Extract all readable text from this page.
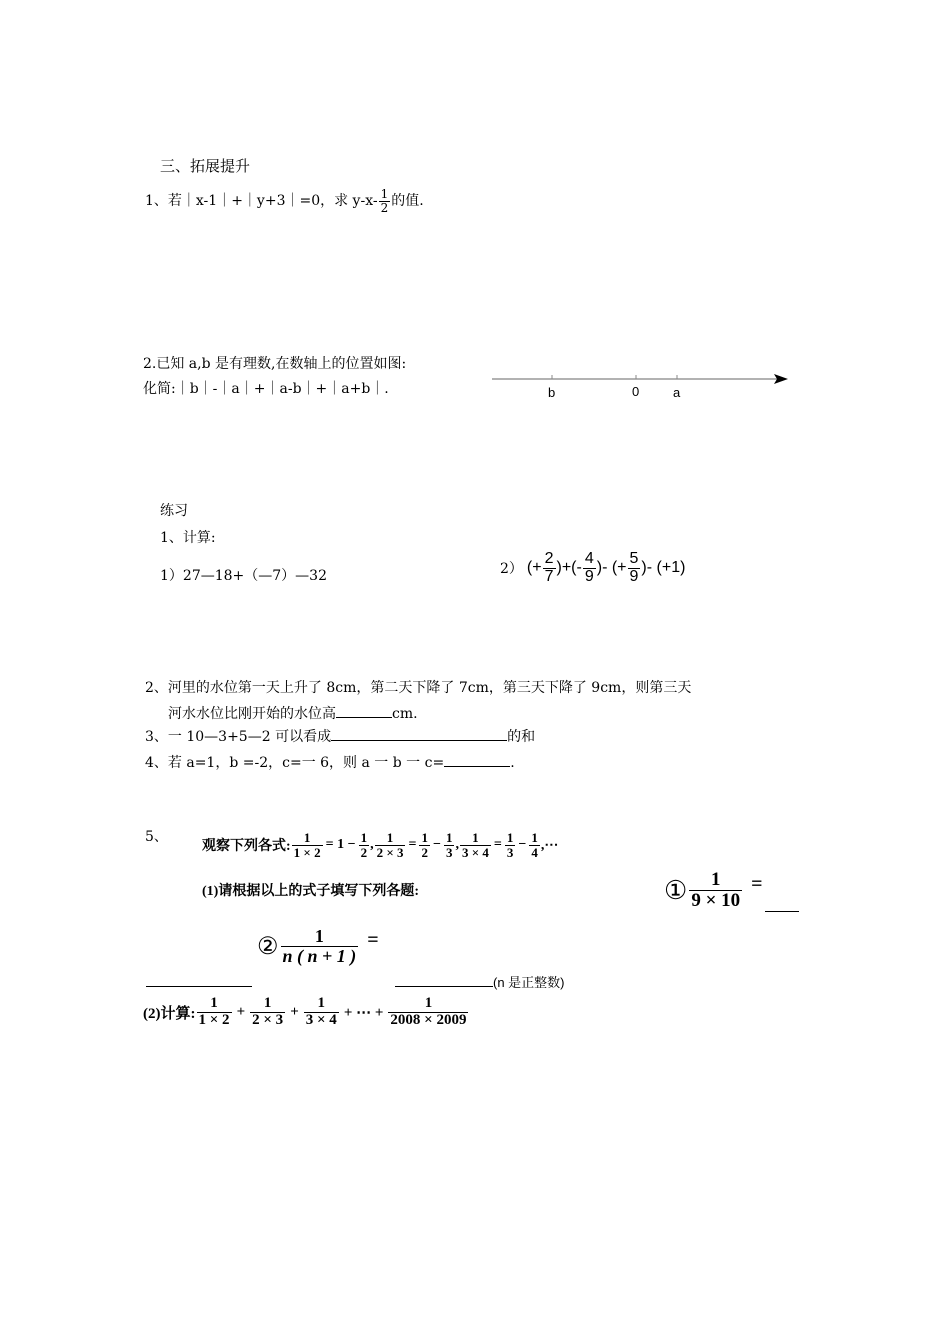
三、拓展提升
1、若｜x-1｜+｜y+3｜=0，求 $y-x- \frac{1}{2}$ 的值.
2.已知 a,b 是有理数,在数轴上的位置如图:
化简:｜b｜-｜a｜+｜a-b｜+｜a+b｜.	b	0	a
练习
1、计算:
1）27—18+（—7）—32	2） (+ $\frac{2}{7}$ )+(- $\frac{4}{9}$ )- (+ $\frac{5}{9}$ )- (+1)
2、河里的水位第一天上升了 8cm，第二天下降了 7cm，第三天下降了 9cm，则第三天
河水水位比刚开始的水位高	cm.
3、一 10—3+5—2 可以看成	的和
4、若 a=1，b =-2，c=一 6，则 a 一 b 一 c=	.
5、
观察下列各式: $\frac{1}{1 \times 2} = 1 - \frac{1}{2}$ , $\frac{1}{2 \times 3} = \frac{1}{2} - \frac{1}{3}$ , $\frac{1}{3 \times 4} = \frac{1}{3} - \frac{1}{4}$ ,⋯
(1)请根据以上的式子填写下列各题:	① $\frac{1}{9 \times 10}$ =
② $\frac{1}{n ( n + 1 )}$ =
(n 是正整数)
(2)计算: $\frac{1}{1 \times 2} + \frac{1}{2 \times 3} + \frac{1}{3 \times 4}$ + ⋯ + $\frac{1}{2008 \times 2009}$
